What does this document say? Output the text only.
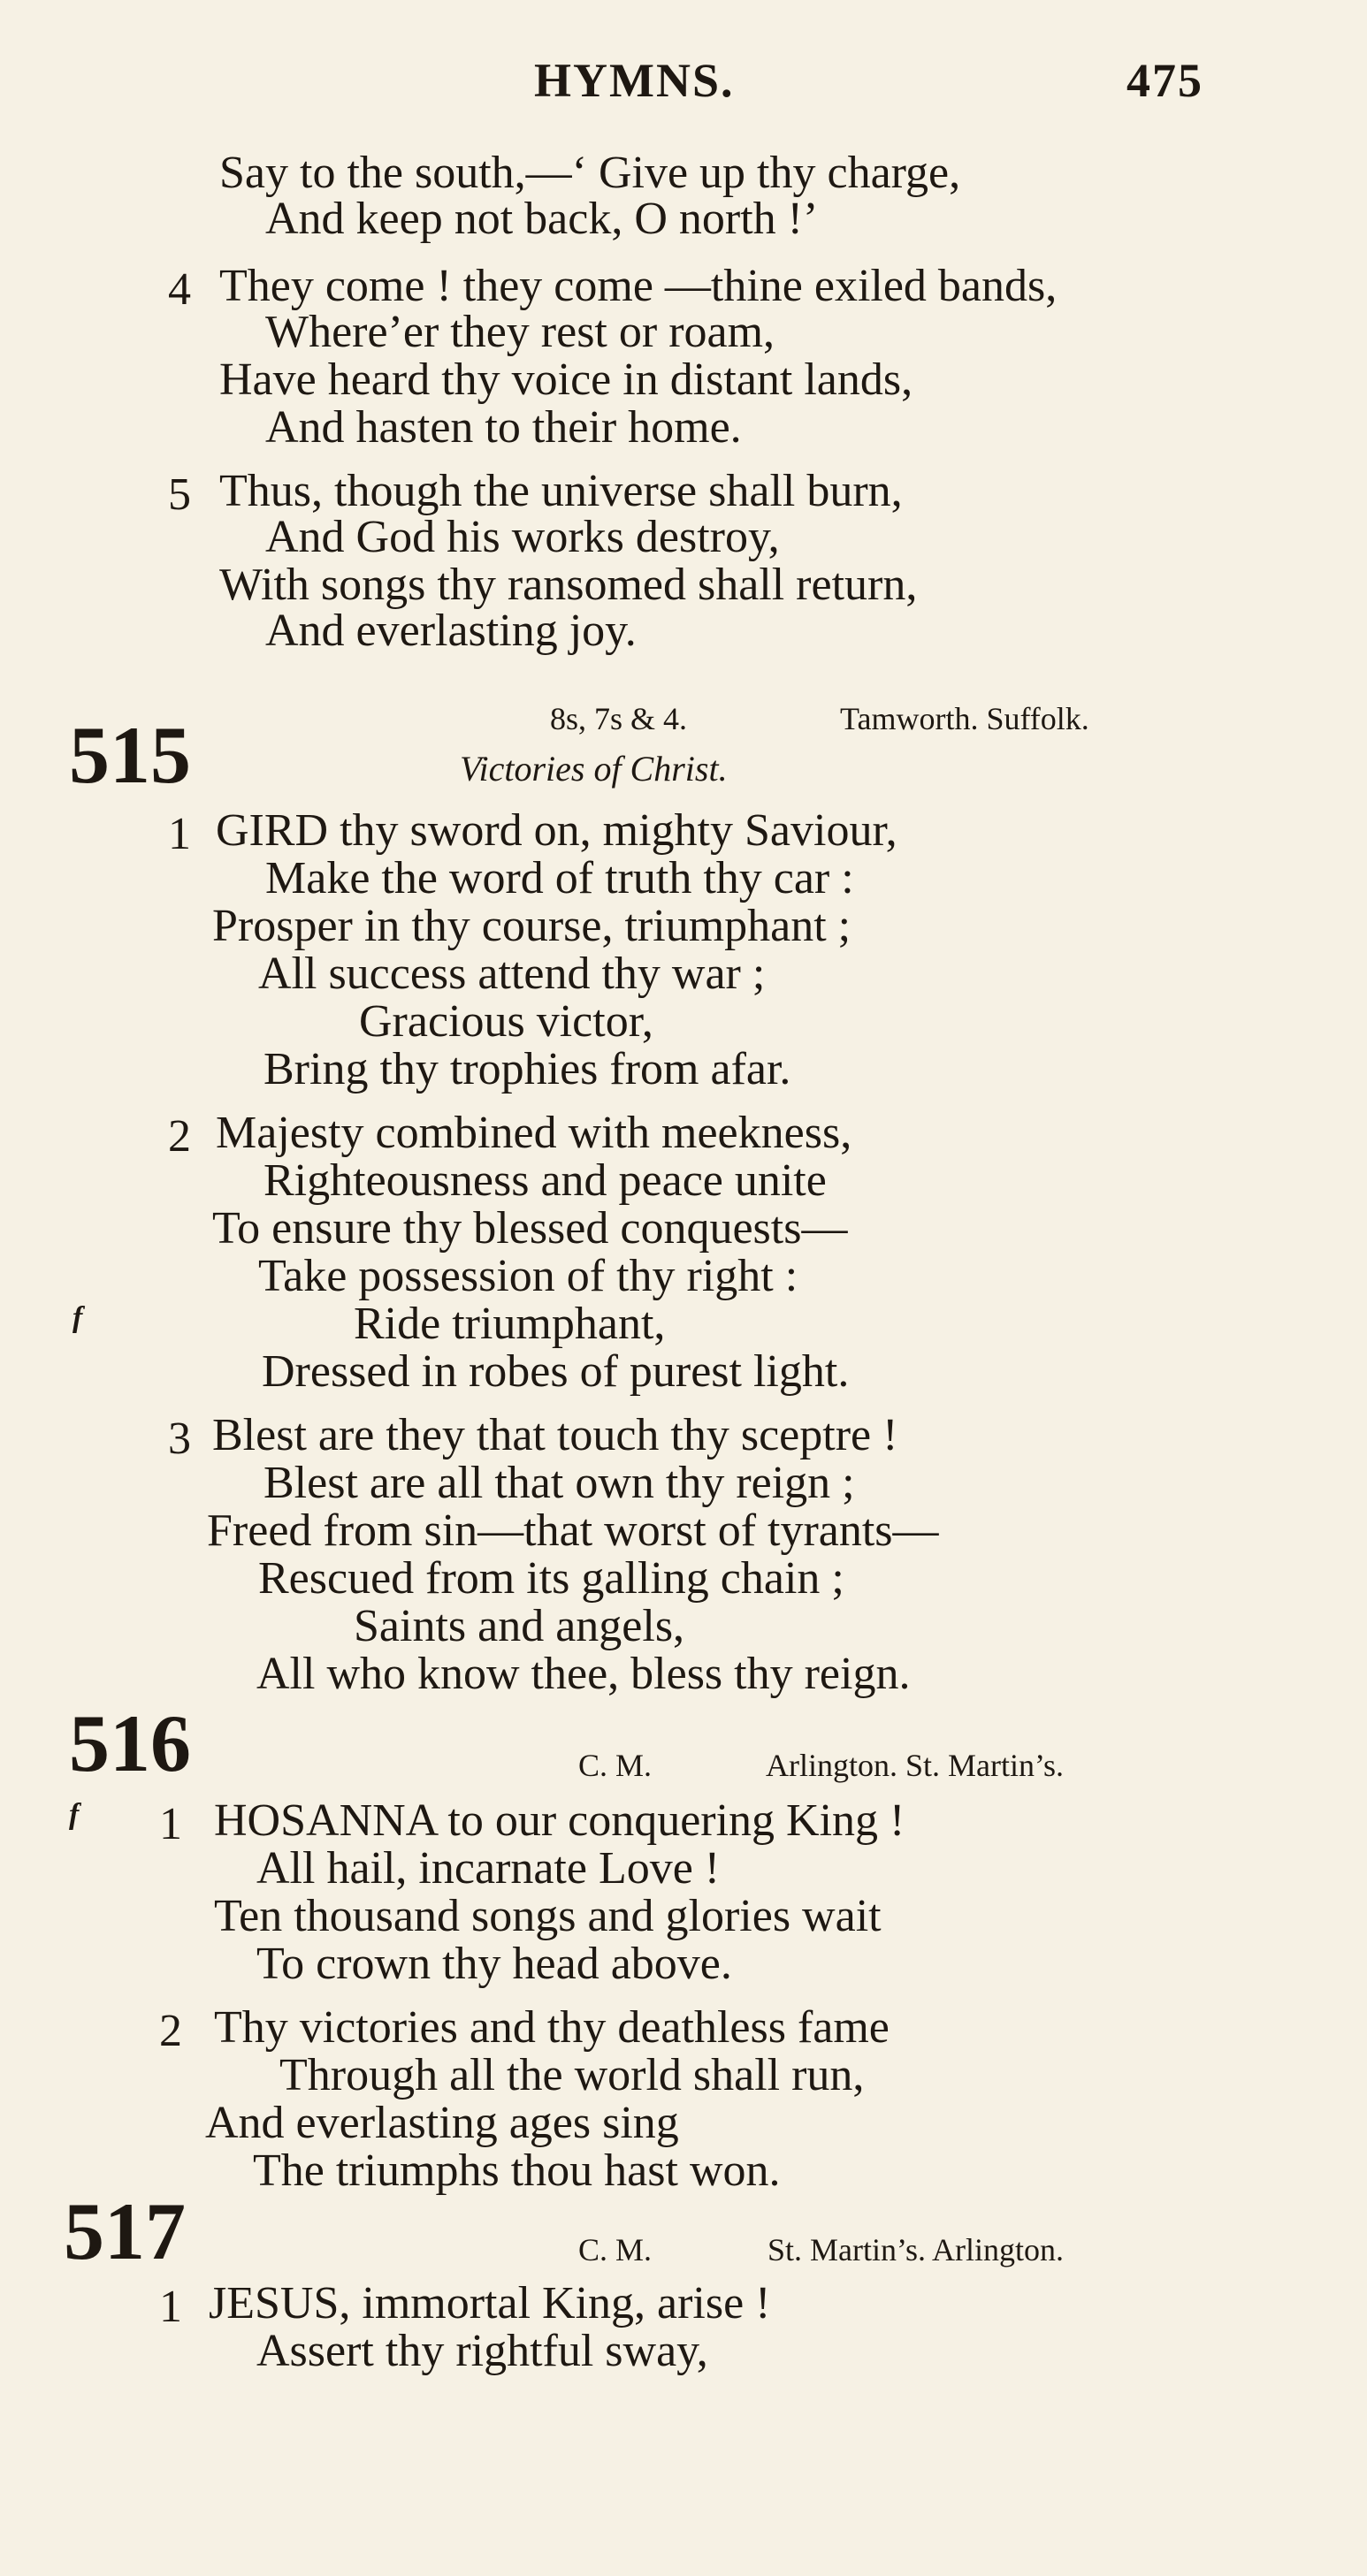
HYMNS.	475
Say to the south,—‘ Give up thy charge,
And keep not back, O north !’
4 They come ! they come —thine exiled bands,
Where’er they rest or roam,
Have heard thy voice in distant lands,
And hasten to their home.
5 Thus, though the universe shall burn,
And God his works destroy,
With songs thy ransomed shall return,
And everlasting joy.
515	8s, 7s & 4.	Tamworth. Suffolk.
Victories of Christ.
1 GIRD thy sword on, mighty Saviour,
Make the word of truth thy car :
Prosper in thy course, triumphant ;
All success attend thy war ;
Gracious victor,
Bring thy trophies from afar.
2 Majesty combined with meekness,
Righteousness and peace unite
To ensure thy blessed conquests—
Take possession of thy right :
f	Ride triumphant,
Dressed in robes of purest light.
3 Blest are they that touch thy sceptre !
Blest are all that own thy reign ;
Freed from sin—that worst of tyrants—
Rescued from its galling chain ;
Saints and angels,
All who know thee, bless thy reign.
516	C. M.	Arlington. St. Martin’s.
f 1 HOSANNA to our conquering King !
All hail, incarnate Love !
Ten thousand songs and glories wait
To crown thy head above.
2 Thy victories and thy deathless fame
Through all the world shall run,
And everlasting ages sing
The triumphs thou hast won.
517	C. M.	St. Martin’s. Arlington.
1 JESUS, immortal King, arise !
Assert thy rightful sway,
